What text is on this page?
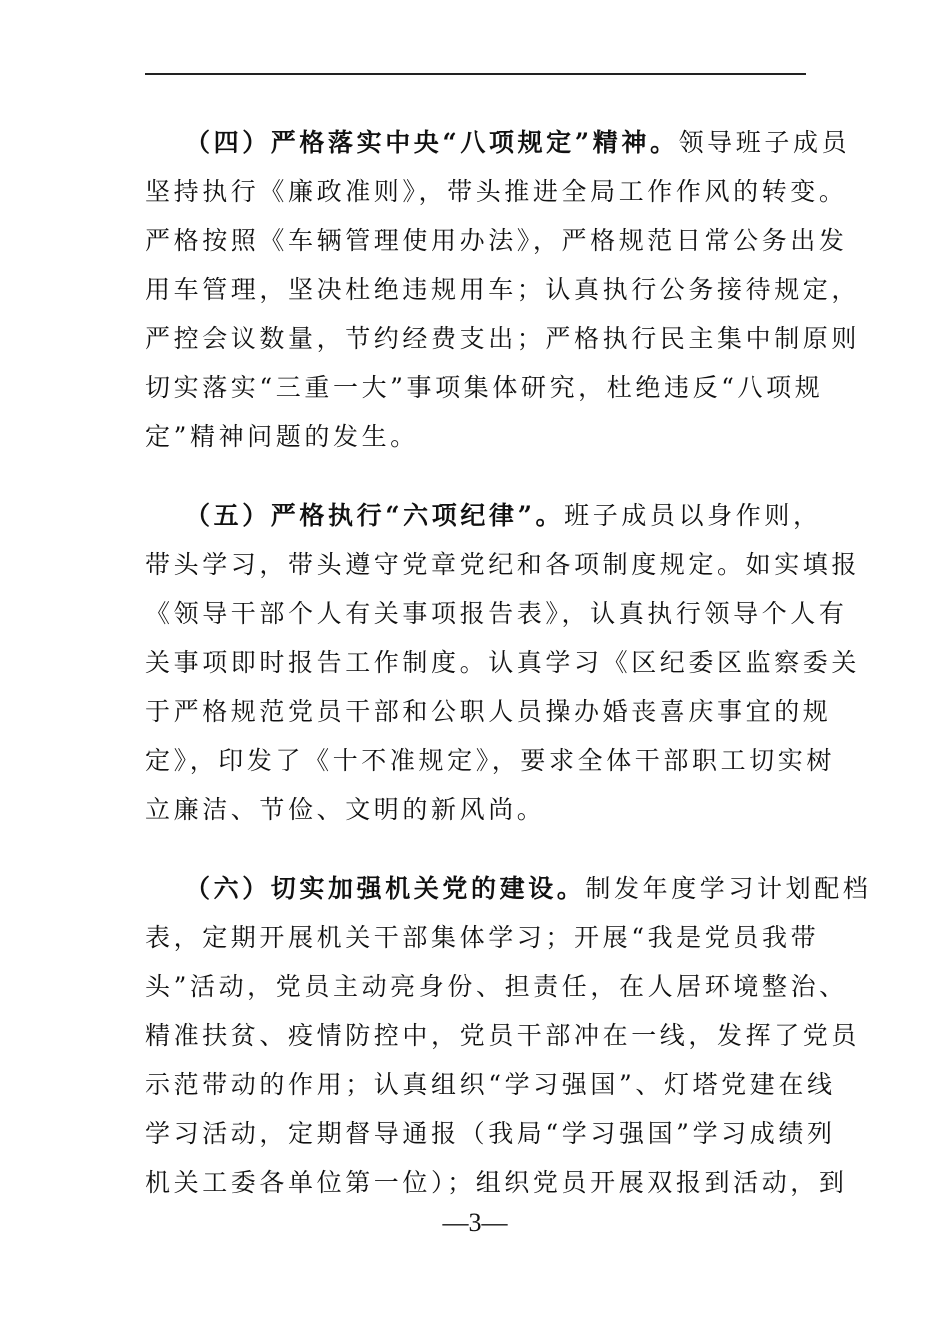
（四）严格落实中央“八项规定”精神。领导班子成员
坚持执行《廉政准则》，带头推进全局工作作风的转变。
严格按照《车辆管理使用办法》，严格规范日常公务出发
用车管理，坚决杜绝违规用车；认真执行公务接待规定，
严控会议数量，节约经费支出；严格执行民主集中制原则
切实落实“三重一大”事项集体研究，杜绝违反“八项规
定”精神问题的发生。
（五）严格执行“六项纪律”。班子成员以身作则，
带头学习，带头遵守党章党纪和各项制度规定。如实填报
《领导干部个人有关事项报告表》，认真执行领导个人有
关事项即时报告工作制度。认真学习《区纪委区监察委关
于严格规范党员干部和公职人员操办婚丧喜庆事宜的规
定》，印发了《十不准规定》，要求全体干部职工切实树
立廉洁、节俭、文明的新风尚。
（六）切实加强机关党的建设。制发年度学习计划配档
表，定期开展机关干部集体学习；开展“我是党员我带
头”活动，党员主动亮身份、担责任，在人居环境整治、
精准扶贫、疫情防控中，党员干部冲在一线，发挥了党员
示范带动的作用；认真组织“学习强国”、灯塔党建在线
学习活动，定期督导通报（我局“学习强国”学习成绩列
机关工委各单位第一位）；组织党员开展双报到活动，到
—3—
